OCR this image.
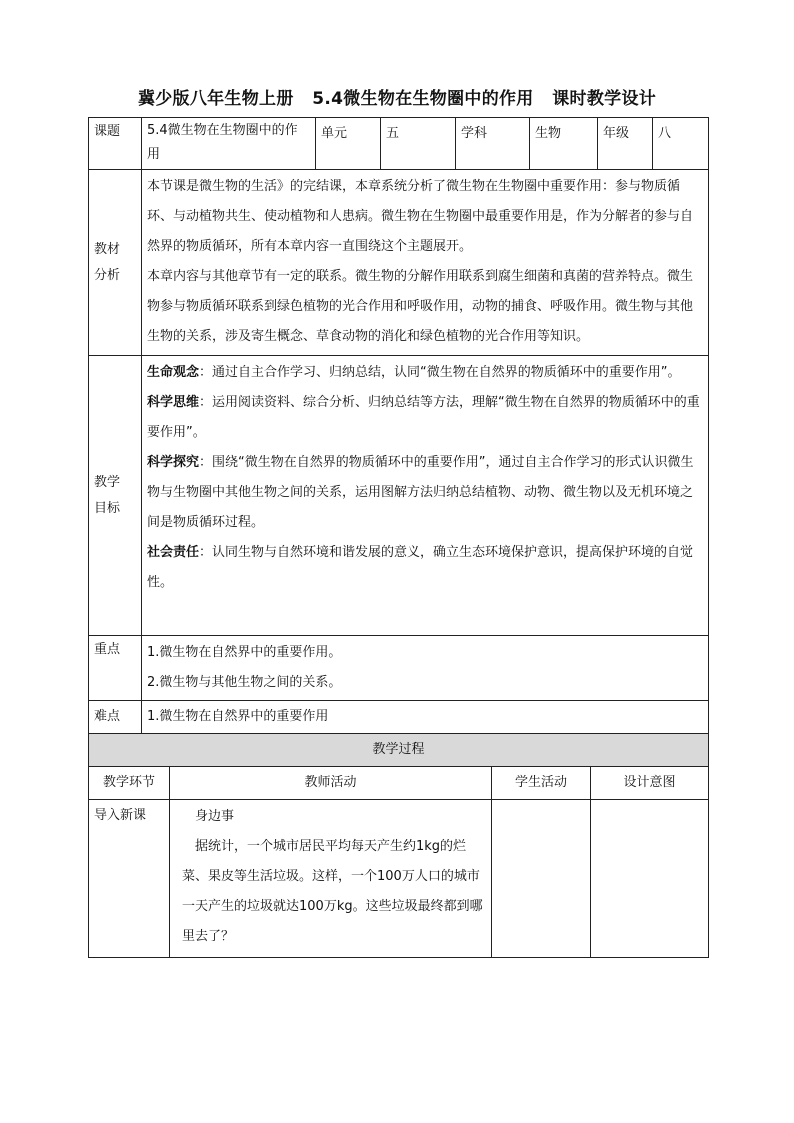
冀少版八年生物上册   5.4微生物在生物圈中的作用   课时教学设计
课题	5.4微生物在生物圈中的作用	单元	五	学科	生物	年级	八

教材分析	本节课是微生物的生活》的完结课，本章系统分析了微生物在生物圈中重要作用：参与物质循环、与动植物共生、使动植物和人患病。微生物在生物圈中最重要作用是，作为分解者的参与自然界的物质循环，所有本章内容一直围绕这个主题展开。

本章内容与其他章节有一定的联系。微生物的分解作用联系到腐生细菌和真菌的营养特点。微生物参与物质循环联系到绿色植物的光合作用和呼吸作用，动物的捕食、呼吸作用。微生物与其他生物的关系，涉及寄生概念、草食动物的消化和绿色植物的光合作用等知识。						

教学目标	生命观念：通过自主合作学习、归纳总结，认同“微生物在自然界的物质循环中的重要作用”。

科学思维：运用阅读资料、综合分析、归纳总结等方法，理解“微生物在自然界的物质循环中的重要作用”。

科学探究：围绕“微生物在自然界的物质循环中的重要作用”，通过自主合作学习的形式认识微生物与生物圈中其他生物之间的关系，运用图解方法归纳总结植物、动物、微生物以及无机环境之间是物质循环过程。

社会责任：认同生物与自然环境和谐发展的意义，确立生态环境保护意识，提高保护环境的自觉性。						

重点	1.微生物在自然界中的重要作用。

2.微生物与其他生物之间的关系。						

难点	1.微生物在自然界中的重要作用						

教学过程			
教学环节	教师活动	学生活动	设计意图
导入新课	身边事

据统计，一个城市居民平均每天产生约1kg的烂菜、果皮等生活垃圾。这样，一个100万人口的城市一天产生的垃圾就达100万kg。这些垃圾最终都到哪里去了？		
